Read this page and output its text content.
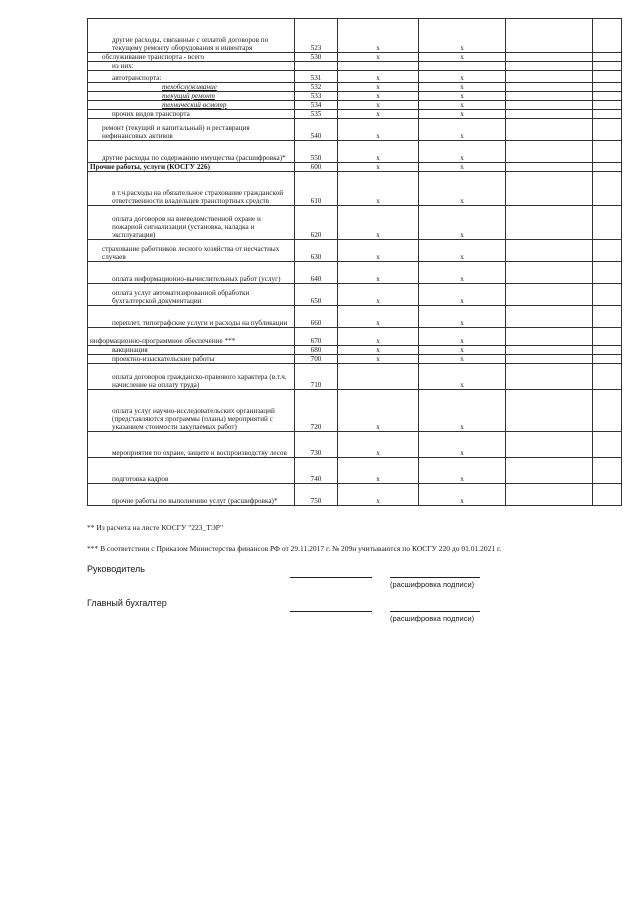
другие расходы, связанные с оплатой договоров по текущему ремонту оборудования и инвентаря	523	x	x		
обслуживание транспорта - всего	530	x	x		
из них:					
автотранспорта:	531	x	x		
техобслуживание	532	x	x		
текущий ремонт	533	x	x		
технический осмотр	534	x	x		
прочих видов транспорта	535	x	x		
ремонт (текущий и капитальный) и реставрация нефинансовых активов	540	x	x		
другие расходы по содержанию имущества (расшифровка)*	550	x	x		
Прочие работы, услуги (КОСГУ 226)	600	x	x		
в т.ч.расходы на обязательное страхование гражданской ответственности владельцев транспортных средств	610	x	x		
оплата договоров на вневедомственной охране и пожарной сигнализации (установка, наладка и эксплуатация)	620	x	x		
страхование работников лесного хозяйства от несчастных случаев	630	x	x		
оплата информационно-вычислительных работ (услуг)	640	x	x		
оплата услуг автоматизированной обработки бухгалтерской документации	650	x	x		
переплет, типографские услуги и расходы на публикации	660	x	x		
информационно-программное обеспечение ***	670	x	x		
вакцинация	680	x	x		
проектно-изыскательские работы	700	x	x		
оплата договоров гражданско-правового характера (в.т.ч. начисление на оплату труда)	710		x		
оплата услуг научно-исследовательских организаций (представляются программы (планы) мероприятий с указанием стоимости закупаемых работ)	720	x	x		
мероприятия по охране, защите и воспроизводству лесов	730	x	x		
подготовка кадров	740	x	x		
прочие работы по выполнению услуг (расшифровка)*	750	x	x		
** Из расчета на листе КОСГУ "223_ТЭР"
*** В соответствии с Приказом Министерства финансов РФ от 29.11.2017 г. № 209н учитываются по КОСГУ 220 до 01.01.2021 г.
Руководитель
(расшифровка подписи)
Главный бухгалтер
(расшифровка подписи)
